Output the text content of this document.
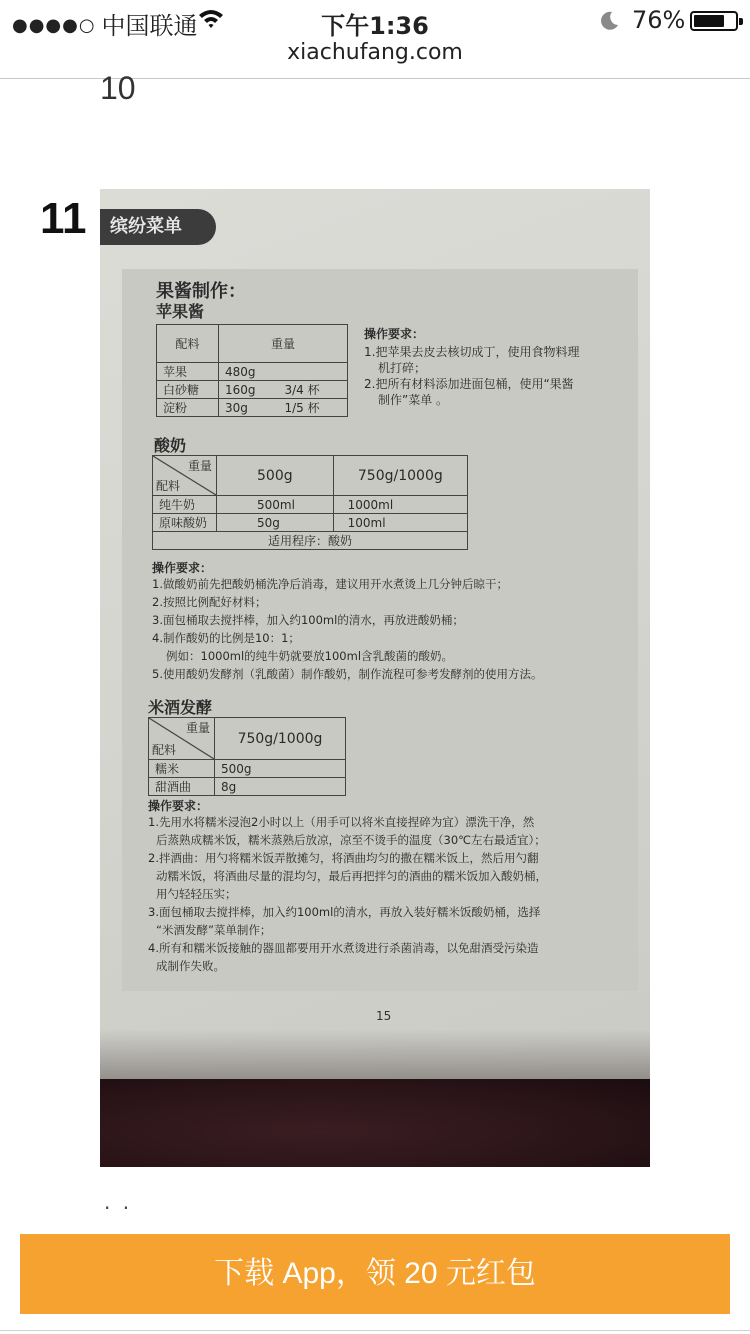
●●●●○ 中国联通	下午1:36	76%
xiachufang.com
10
11	缤纷菜单
果酱制作：
苹果酱
配料	重量	
苹果	480g	
白砂糖	160g	3/4 杯
淀粉	30g	1/5 杯
操作要求：
1.把苹果去皮去核切成丁，使用食物料理
机打碎；
2.把所有材料添加进面包桶，使用“果酱
制作”菜单 。
酸奶
重量
配料	500g	750g/1000g
纯牛奶	500ml	1000ml
原味酸奶	50g	100ml
适用程序：酸奶		
操作要求：
1.做酸奶前先把酸奶桶洗净后消毒，建议用开水煮烫上几分钟后晾干；
2.按照比例配好材料；
3.面包桶取去搅拌棒，加入约100ml的清水，再放进酸奶桶；
4.制作酸奶的比例是10：1；
例如：1000ml的纯牛奶就要放100ml含乳酸菌的酸奶。
5.使用酸奶发酵剂（乳酸菌）制作酸奶，制作流程可参考发酵剂的使用方法。
米酒发酵
重量
配料	750g/1000g
糯米	500g
甜酒曲	8g
操作要求：
1.先用水将糯米浸泡2小时以上（用手可以将米直接捏碎为宜）漂洗干净，然
后蒸熟成糯米饭，糯米蒸熟后放凉，凉至不烫手的温度（30℃左右最适宜）；
2.拌酒曲：用勺将糯米饭弄散摊匀，将酒曲均匀的撒在糯米饭上，然后用勺翻
动糯米饭，将酒曲尽量的混均匀，最后再把拌匀的酒曲的糯米饭加入酸奶桶，
用勺轻轻压实；
3.面包桶取去搅拌棒，加入约100ml的清水，再放入装好糯米饭酸奶桶，选择
“米酒发酵”菜单制作；
4.所有和糯米饭接触的器皿都要用开水煮烫进行杀菌消毒，以免甜酒受污染造
成制作失败。
15
· ·
下载 App，领 20 元红包
